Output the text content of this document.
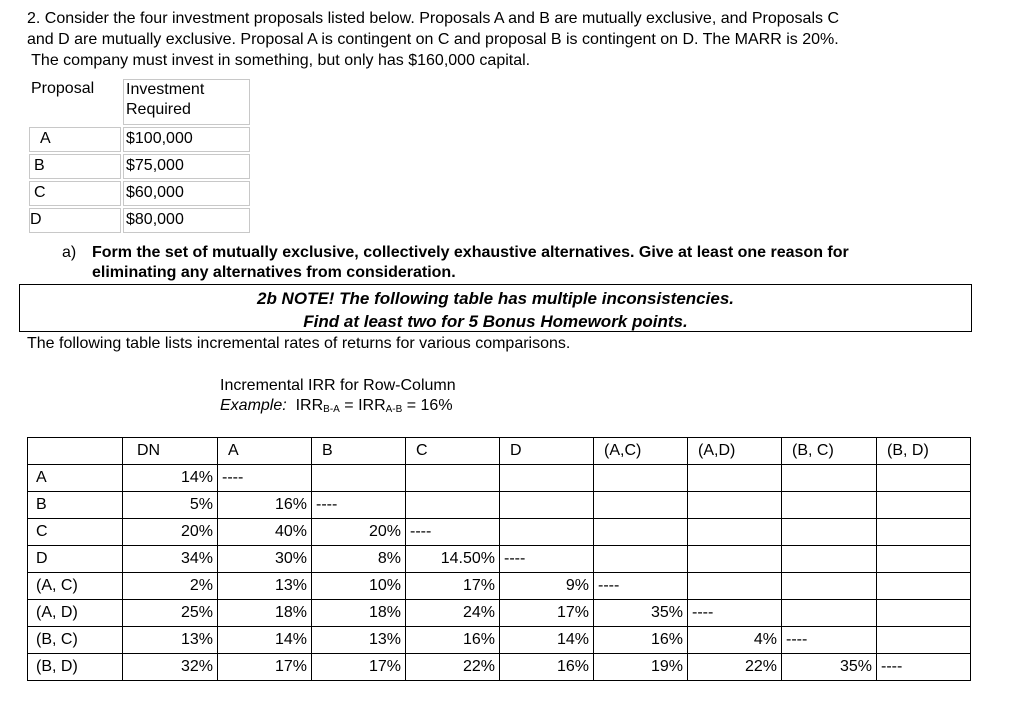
2. Consider the four investment proposals listed below. Proposals A and B are mutually exclusive, and Proposals C
and D are mutually exclusive. Proposal A is contingent on C and proposal B is contingent on D. The MARR is 20%.
The company must invest in something, but only has $160,000 capital.
Proposal	Investment
Required

A	$100,000
B	$75,000
C	$60,000
D	$80,000
a) Form the set of mutually exclusive, collectively exhaustive alternatives. Give at least one reason for
eliminating any alternatives from consideration.
2b NOTE! The following table has multiple inconsistencies.
Find at least two for 5 Bonus Homework points.
The following table lists incremental rates of returns for various comparisons.
Incremental IRR for Row-Column
Example: $IRR_{B-A} = IRR_{A-B} = 16\%$
	DN	A	B	C	D	(A,C)	(A,D)	(B, C)	(B, D)
A	14%	----							
B	5%	16%	----						
C	20%	40%	20%	----					
D	34%	30%	8%	14.50%	----				
(A, C)	2%	13%	10%	17%	9%	----			
(A, D)	25%	18%	18%	24%	17%	35%	----		
(B, C)	13%	14%	13%	16%	14%	16%	4%	----	
(B, D)	32%	17%	17%	22%	16%	19%	22%	35%	----
